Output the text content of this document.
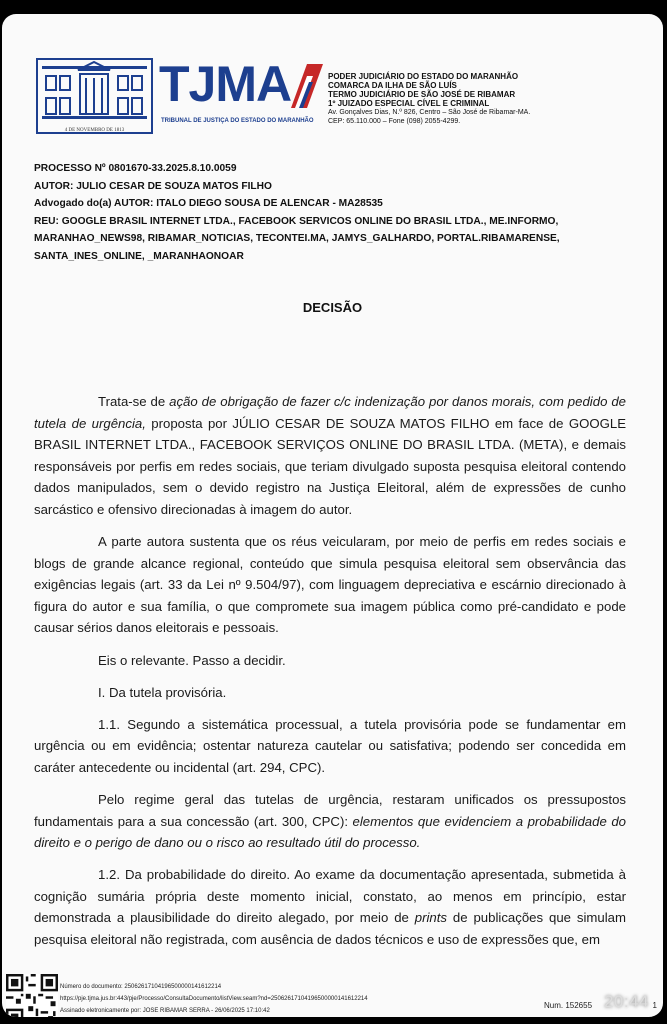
4 DE NOVEMBRO DE 1813
TJMA
TRIBUNAL DE JUSTIÇA DO ESTADO DO MARANHÃO
PODER JUDICIÁRIO DO ESTADO DO MARANHÃO
COMARCA DA ILHA DE SÃO LUÍS
TERMO JUDICIÁRIO DE SÃO JOSÉ DE RIBAMAR
1º JUIZADO ESPECIAL CÍVEL E CRIMINAL
Av. Gonçalves Dias, N.º 826, Centro – São José de Ribamar-MA.
CEP: 65.110.000 – Fone (098) 2055-4299.
PROCESSO Nº 0801670-33.2025.8.10.0059
AUTOR: JULIO CESAR DE SOUZA MATOS FILHO
Advogado do(a) AUTOR: ITALO DIEGO SOUSA DE ALENCAR - MA28535
REU: GOOGLE BRASIL INTERNET LTDA., FACEBOOK SERVICOS ONLINE DO BRASIL LTDA., ME.INFORMO,
MARANHAO_NEWS98, RIBAMAR_NOTICIAS, TECONTEI.MA, JAMYS_GALHARDO, PORTAL.RIBAMARENSE,
SANTA_INES_ONLINE, _MARANHAONOAR
DECISÃO

Trata-se de ação de obrigação de fazer c/c indenização por danos morais, com pedido de tutela de urgência, proposta por JÚLIO CESAR DE SOUZA MATOS FILHO em face de GOOGLE BRASIL INTERNET LTDA., FACEBOOK SERVIÇOS ONLINE DO BRASIL LTDA. (META), e demais responsáveis por perfis em redes sociais, que teriam divulgado suposta pesquisa eleitoral contendo dados manipulados, sem o devido registro na Justiça Eleitoral, além de expressões de cunho sarcástico e ofensivo direcionadas à imagem do autor.

A parte autora sustenta que os réus veicularam, por meio de perfis em redes sociais e blogs de grande alcance regional, conteúdo que simula pesquisa eleitoral sem observância das exigências legais (art. 33 da Lei nº 9.504/97), com linguagem depreciativa e escárnio direcionado à figura do autor e sua família, o que compromete sua imagem pública como pré-candidato e pode causar sérios danos eleitorais e pessoais.

Eis o relevante. Passo a decidir.

I. Da tutela provisória.

1.1. Segundo a sistemática processual, a tutela provisória pode se fundamentar em urgência ou em evidência; ostentar natureza cautelar ou satisfativa; podendo ser concedida em caráter antecedente ou incidental (art. 294, CPC).

Pelo regime geral das tutelas de urgência, restaram unificados os pressupostos fundamentais para a sua concessão (art. 300, CPC): elementos que evidenciem a probabilidade do direito e o perigo de dano ou o risco ao resultado útil do processo.

1.2. Da probabilidade do direito. Ao exame da documentação apresentada, submetida à cognição sumária própria deste momento inicial, constato, ao menos em princípio, estar demonstrada a plausibilidade do direito alegado, por meio de prints de publicações que simulam pesquisa eleitoral não registrada, com ausência de dados técnicos e uso de expressões que, em

Número do documento: 25062617104196500000141612214
https://pje.tjma.jus.br:443/pje/Processo/ConsultaDocumento/listView.seam?nd=25062617104196500000141612214
Assinado eletronicamente por: JOSE RIBAMAR SERRA - 26/06/2025 17:10:42
Num. 152655 20:44 1
